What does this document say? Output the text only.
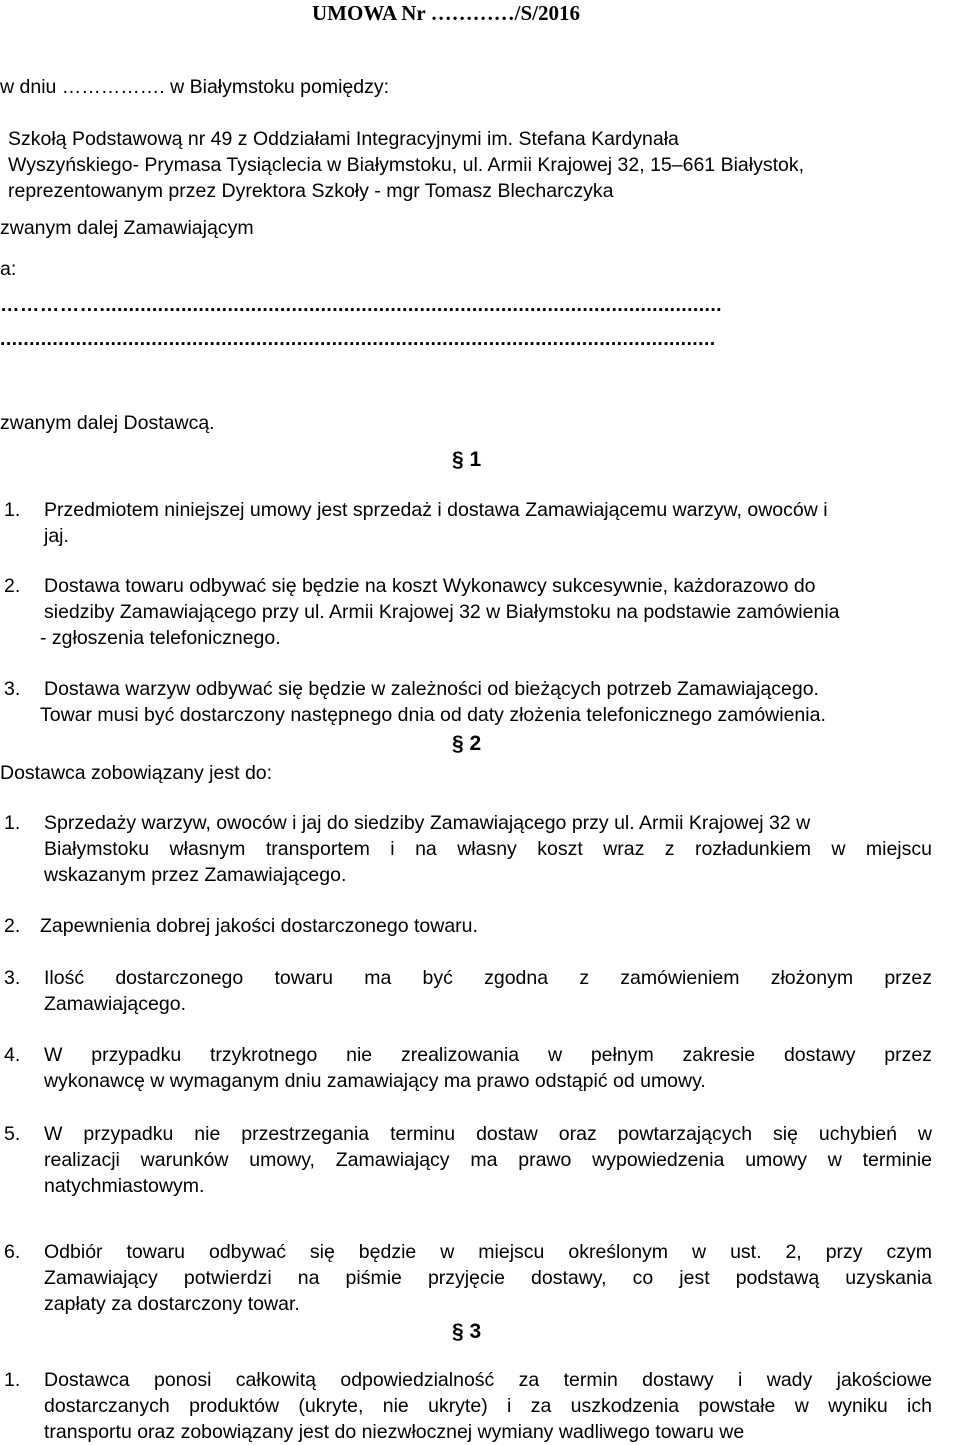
UMOWA Nr …………/S/2016
w dniu ……………. w Białymstoku pomiędzy:
Szkołą Podstawową nr 49 z Oddziałami Integracyjnymi im. Stefana Kardynała
Wyszyńskiego- Prymasa Tysiąclecia w Białymstoku, ul. Armii Krajowej 32, 15–661 Białystok,
reprezentowanym przez Dyrektora Szkoły - mgr Tomasz Blecharczyka
zwanym dalej Zamawiającym
a:
……………...........................................................................................................
...........................................................................................................................
zwanym dalej Dostawcą.
§ 1
1. Przedmiotem niniejszej umowy jest sprzedaż i dostawa Zamawiającemu warzyw, owoców i
jaj.
2. Dostawa towaru odbywać się będzie na koszt Wykonawcy sukcesywnie, każdorazowo do
siedziby Zamawiającego przy ul. Armii Krajowej 32 w Białymstoku na podstawie zamówienia
- zgłoszenia telefonicznego.
3. Dostawa warzyw odbywać się będzie w zależności od bieżących potrzeb Zamawiającego.
Towar musi być dostarczony następnego dnia od daty złożenia telefonicznego zamówienia.
§ 2
Dostawca zobowiązany jest do:
1. Sprzedaży warzyw, owoców i jaj do siedziby Zamawiającego przy ul. Armii Krajowej 32 w
Białymstoku własnym transportem i na własny koszt wraz z rozładunkiem w miejscu
wskazanym przez Zamawiającego.
2. Zapewnienia dobrej jakości dostarczonego towaru.
3. Ilość dostarczonego towaru ma być zgodna z zamówieniem złożonym przez
Zamawiającego.
4. W przypadku trzykrotnego nie zrealizowania w pełnym zakresie dostawy przez
wykonawcę w wymaganym dniu zamawiający ma prawo odstąpić od umowy.
5. W przypadku nie przestrzegania terminu dostaw oraz powtarzających się uchybień w
realizacji warunków umowy, Zamawiający ma prawo wypowiedzenia umowy w terminie
natychmiastowym.
6. Odbiór towaru odbywać się będzie w miejscu określonym w ust. 2, przy czym
Zamawiający potwierdzi na piśmie przyjęcie dostawy, co jest podstawą uzyskania
zapłaty za dostarczony towar.
§ 3
1. Dostawca ponosi całkowitą odpowiedzialność za termin dostawy i wady jakościowe
dostarczanych produktów (ukryte, nie ukryte) i za uszkodzenia powstałe w wyniku ich
transportu oraz zobowiązany jest do niezwłocznej wymiany wadliwego towaru we
